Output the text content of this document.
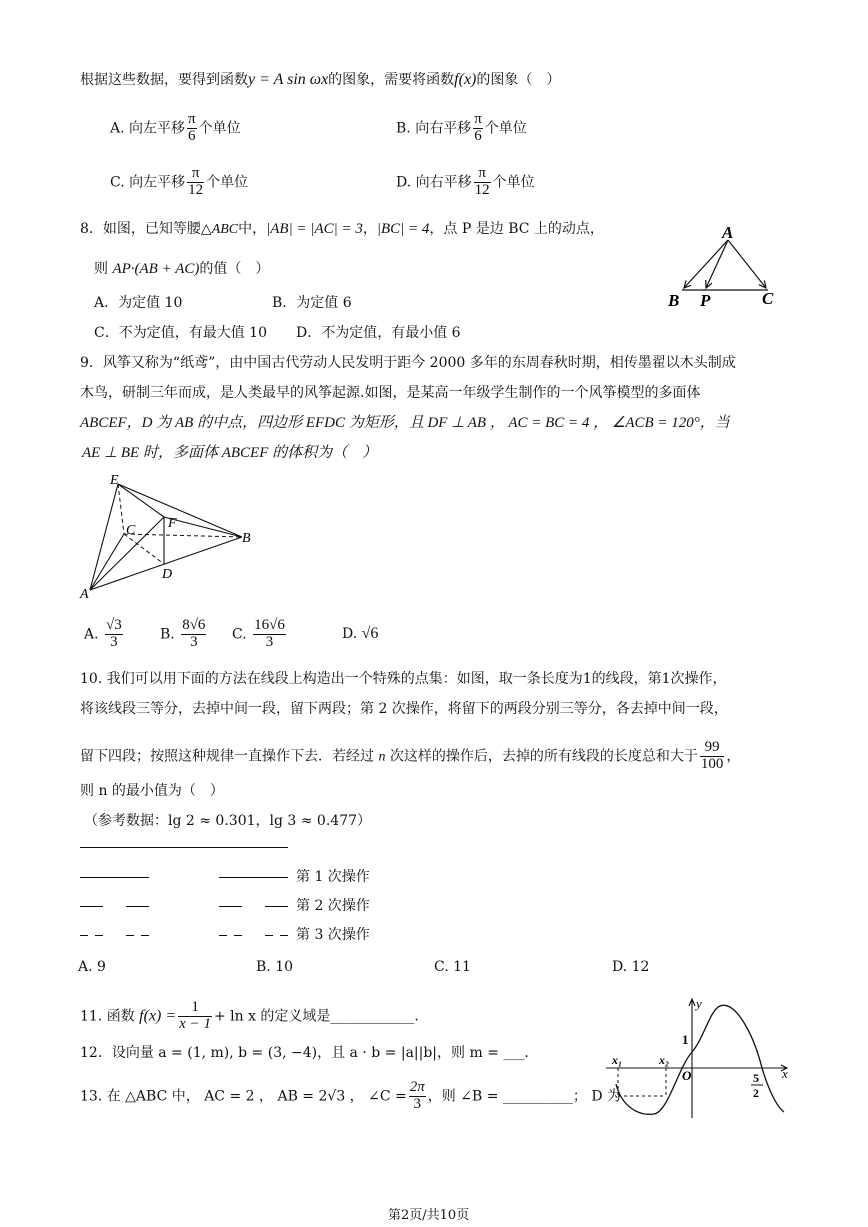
根据这些数据，要得到函数y = A sin ωx的图象，需要将函数f(x)的图象（　）
A. 向左平移 $\frac{\pi}{6}$ 个单位	B. 向右平移 $\frac{\pi}{6}$ 个单位
C. 向左平移 $\frac{\pi}{12}$ 个单位	D. 向右平移 $\frac{\pi}{12}$ 个单位
8．如图，已知等腰△ABC中，|AB| = |AC| = 3，|BC| = 4，点 P 是边 BC 上的动点，
则 AP·(AB + AC)的值（　）
A．为定值 10	B．为定值 6
C．不为定值，有最大值 10 D．不为定值，有最小值 6
A
B P	C
9．风筝又称为“纸鸢”，由中国古代劳动人民发明于距今 2000 多年的东周春秋时期，相传墨翟以木头制成
木鸟，研制三年而成，是人类最早的风筝起源.如图，是某高一年级学生制作的一个风筝模型的多面体
ABCEF，D 为 AB 的中点，四边形 EFDC 为矩形，且 DF ⊥ AB ， AC = BC = 4 ， ∠ACB = 120°，当
AE ⊥ BE 时，多面体 ABCEF 的体积为（　）
E
F
C
B
D
A
A. $\frac{√3}{3}$	B. $\frac{8√6}{3} C$. $\frac{16√6}{3}$	D. √6
10. 我们可以用下面的方法在线段上构造出一个特殊的点集：如图，取一条长度为1的线段，第1次操作，
将该线段三等分，去掉中间一段，留下两段；第 2 次操作，将留下的两段分别三等分，各去掉中间一段，
留下四段；按照这种规律一直操作下去．若经过 n 次这样的操作后，去掉的所有线段的长度总和大于 $\frac{99}{100}$ ，
则 n 的最小值为（　）
（参考数据：lg 2 ≈ 0.301，lg 3 ≈ 0.477）
第 1 次操作
第 2 次操作
第 3 次操作
A. 9	B. 10	C. 11	D. 12
11. 函数 $f(x) = \frac{1}{x - 1} + \ln x$ 的定义域是____________.
12．设向量 a = (1, m), b = (3, −4)，且 a · b = |a||b|，则 m = ___.
13. 在 △ABC 中， AC = 2 ， AB = 2√3 ， ∠C = $\frac{2\pi}{3}$ ，则 ∠B = __________； D 为
y
x
1
O
x₁	x₂
5
2
第2页/共10页
